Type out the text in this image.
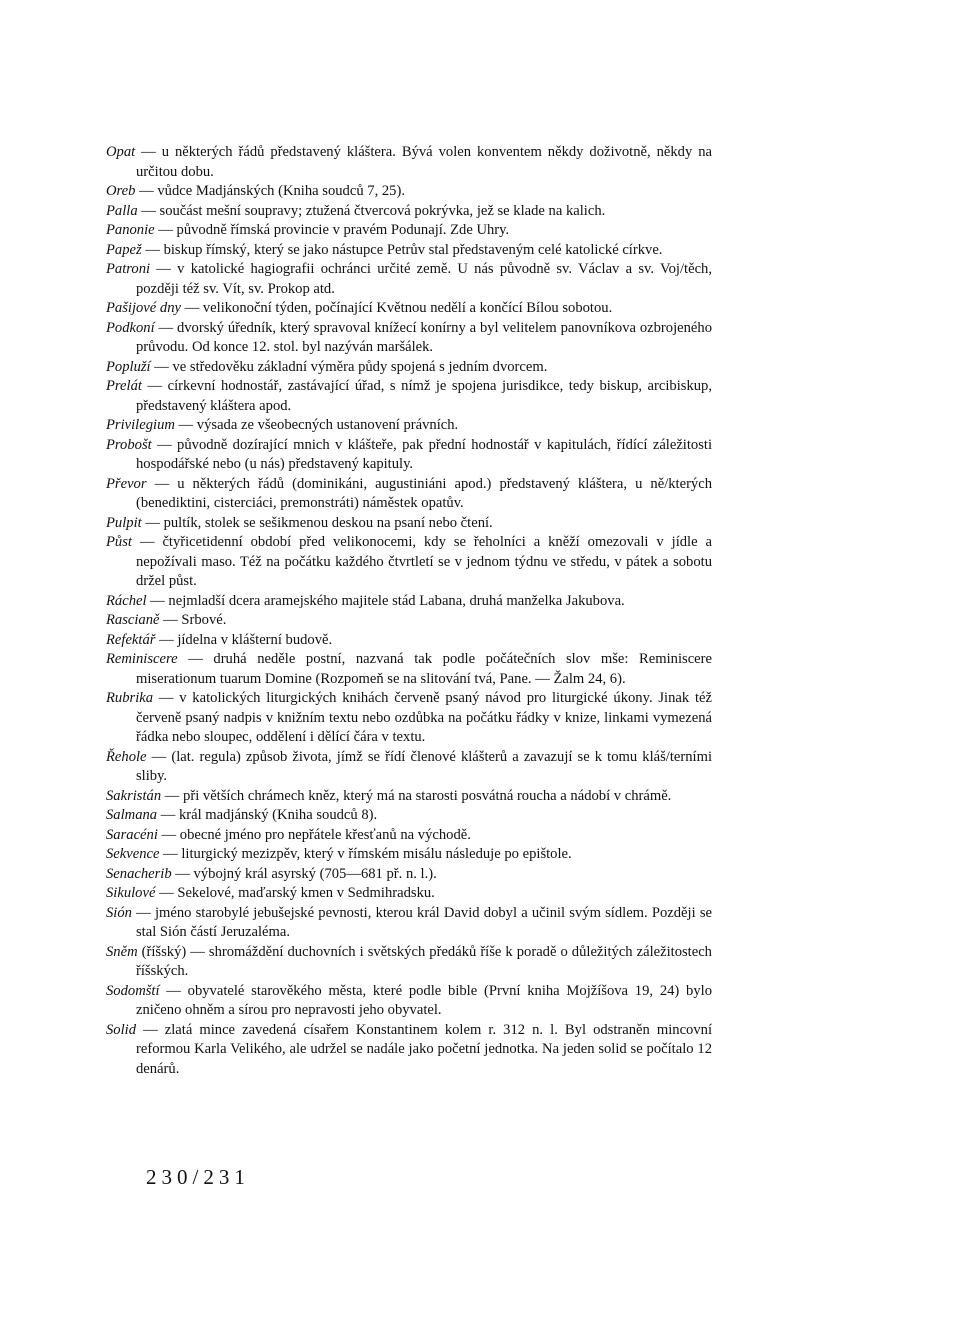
Opat — u některých řádů představený kláštera. Bývá volen konventem někdy doživotně, někdy na určitou dobu.
Oreb — vůdce Madjánských (Kniha soudců 7, 25).
Palla — součást mešní soupravy; ztužená čtvercová pokrývka, jež se klade na kalich.
Panonie — původně římská provincie v pravém Podunají. Zde Uhry.
Papež — biskup římský, který se jako nástupce Petrův stal představeným celé katolické církve.
Patroni — v katolické hagiografii ochránci určité země. U nás původně sv. Václav a sv. Voj/těch, později též sv. Vít, sv. Prokop atd.
Pašijové dny — velikonoční týden, počínající Květnou nedělí a končící Bílou sobotou.
Podkoní — dvorský úředník, který spravoval knížecí konírny a byl velitelem panovníkova ozbrojeného průvodu. Od konce 12. stol. byl nazýván maršálek.
Popluží — ve středověku základní výměra půdy spojená s jedním dvorcem.
Prelát — církevní hodnostář, zastávající úřad, s nímž je spojena jurisdikce, tedy biskup, arcibiskup, představený kláštera apod.
Privilegium — výsada ze všeobecných ustanovení právních.
Probošt — původně dozírající mnich v klášteře, pak přední hodnostář v kapitulách, řídící záležitosti hospodářské nebo (u nás) představený kapituly.
Převor — u některých řádů (dominikáni, augustiniáni apod.) představený kláštera, u ně/kterých (benediktini, cisterciáci, premonstráti) náměstek opatův.
Pulpit — pultík, stolek se sešikmenou deskou na psaní nebo čtení.
Půst — čtyřicetidenní období před velikonocemi, kdy se řeholníci a kněží omezovali v jídle a nepožívali maso. Též na počátku každého čtvrtletí se v jednom týdnu ve středu, v pátek a sobotu držel půst.
Ráchel — nejmladší dcera aramejského majitele stád Labana, druhá manželka Jakubova.
Rascianě — Srbové.
Refektář — jídelna v klášterní budově.
Reminiscere — druhá neděle postní, nazvaná tak podle počátečních slov mše: Reminiscere miserationum tuarum Domine (Rozpomeň se na slitování tvá, Pane. — Žalm 24, 6).
Rubrika — v katolických liturgických knihách červeně psaný návod pro liturgické úkony. Jinak též červeně psaný nadpis v knižním textu nebo ozdůbka na počátku řádky v knize, linkami vymezená řádka nebo sloupec, oddělení i dělící čára v textu.
Řehole — (lat. regula) způsob života, jímž se řídí členové klášterů a zavazují se k tomu kláš/terními sliby.
Sakristán — při větších chrámech kněz, který má na starosti posvátná roucha a nádobí v chrámě.
Salmana — král madjánský (Kniha soudců 8).
Saracéni — obecné jméno pro nepřátele křesťanů na východě.
Sekvence — liturgický mezizpěv, který v římském misálu následuje po epištole.
Senacherib — výbojný král asyrský (705—681 př. n. l.).
Sikulové — Sekelové, maďarský kmen v Sedmihradsku.
Sión — jméno starobylé jebušejské pevnosti, kterou král David dobyl a učinil svým sídlem. Později se stal Sión částí Jeruzaléma.
Sněm (říšský) — shromáždění duchovních i světských předáků říše k poradě o důležitých záležitostech říšských.
Sodomští — obyvatelé starověkého města, které podle bible (První kniha Mojžíšova 19, 24) bylo zničeno ohněm a sírou pro nepravosti jeho obyvatel.
Solid — zlatá mince zavedená císařem Konstantinem kolem r. 312 n. l. Byl odstraněn mincovní reformou Karla Velikého, ale udržel se nadále jako početní jednotka. Na jeden solid se počítalo 12 denárů.
230/231
